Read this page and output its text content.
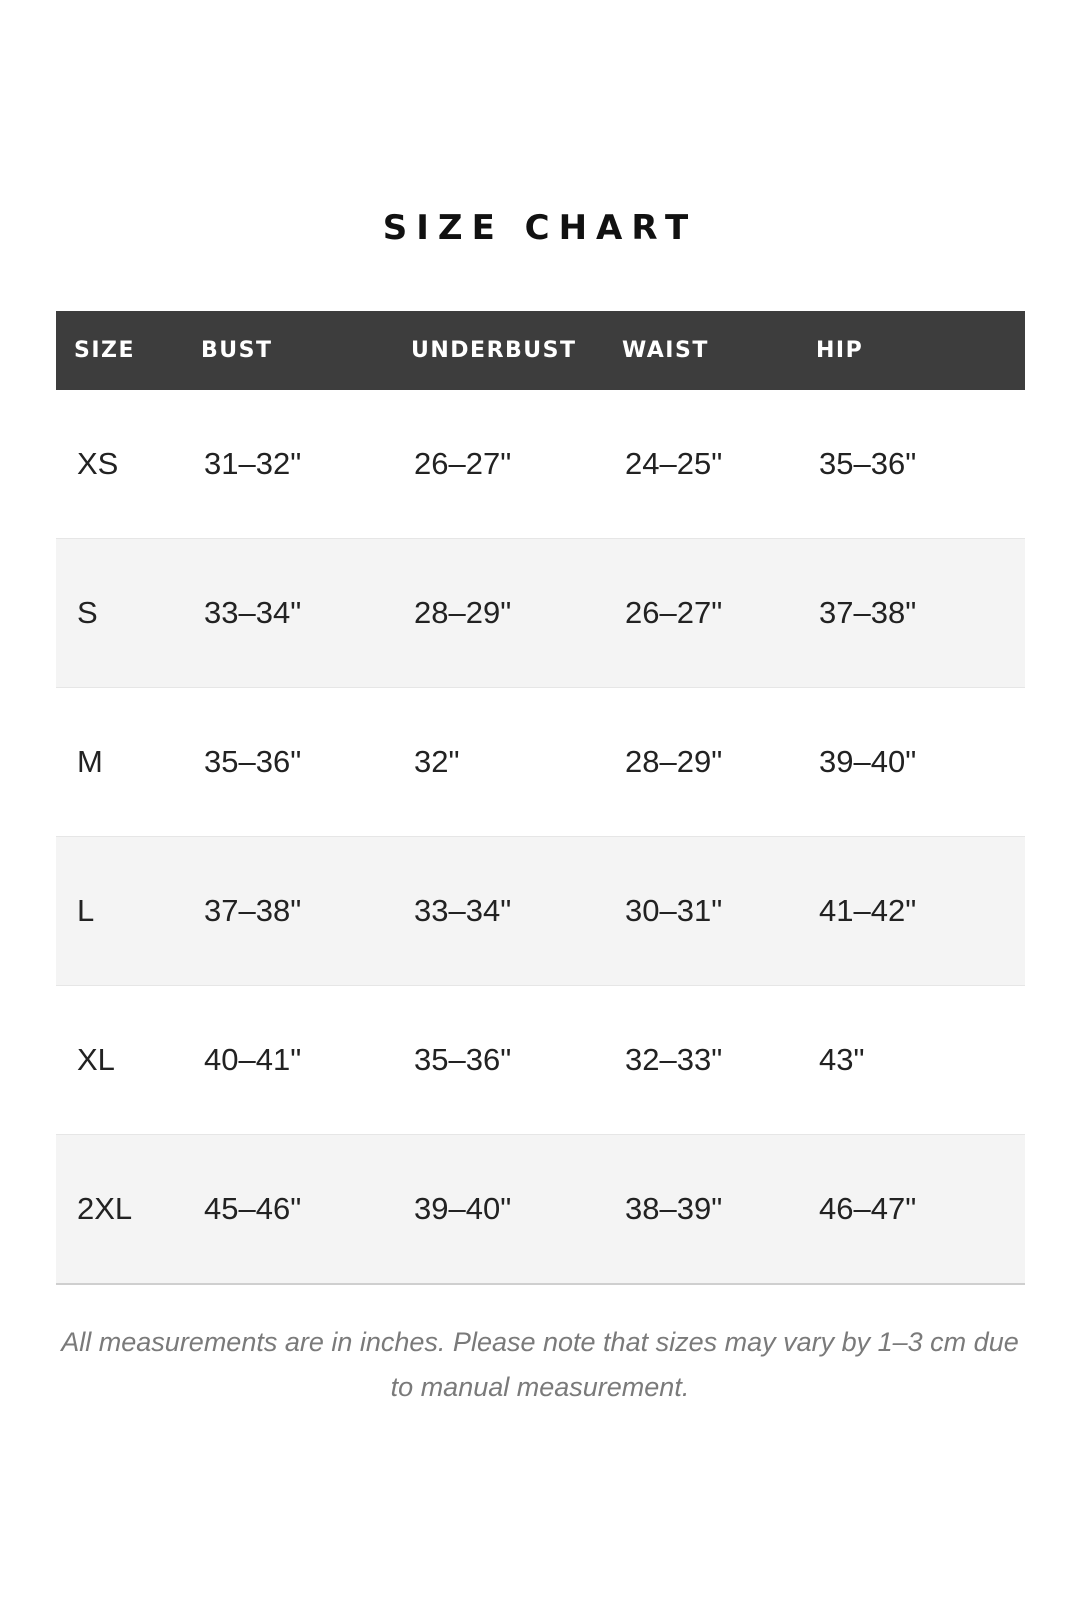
SIZE CHART
SIZE	BUST	UNDERBUST	WAIST	HIP
XS	31–32"	26–27"	24–25"	35–36"
S	33–34"	28–29"	26–27"	37–38"
M	35–36"	32"	28–29"	39–40"
L	37–38"	33–34"	30–31"	41–42"
XL	40–41"	35–36"	32–33"	43"
2XL	45–46"	39–40"	38–39"	46–47"
All measurements are in inches. Please note that sizes may vary by 1–3 cm due to manual measurement.
